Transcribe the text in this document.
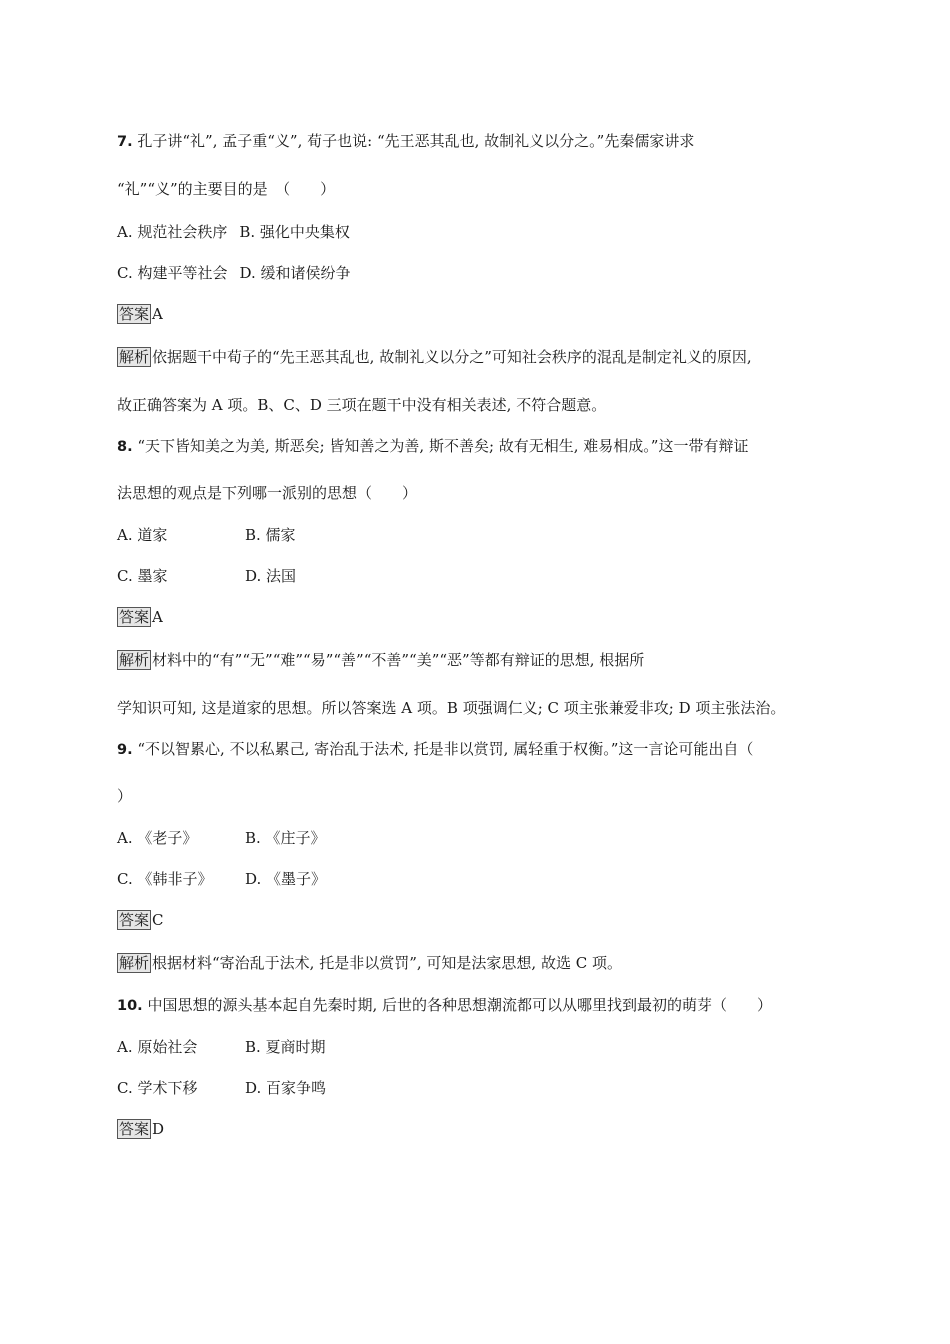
7. 孔子讲“礼”, 孟子重“义”, 荀子也说: “先王恶其乱也, 故制礼义以分之。”先秦儒家讲求
“礼”“义”的主要目的是　（　　）
A. 规范社会秩序 B. 强化中央集权
C. 构建平等社会 D. 缓和诸侯纷争
答案 A
解析 依据题干中荀子的“先王恶其乱也, 故制礼义以分之”可知社会秩序的混乱是制定礼义的原因,
故正确答案为 A 项。B、C、D 三项在题干中没有相关表述, 不符合题意。
8. “天下皆知美之为美, 斯恶矣; 皆知善之为善, 斯不善矣; 故有无相生, 难易相成。”这一带有辩证
法思想的观点是下列哪一派别的思想（　　）
A. 道家	B. 儒家
C. 墨家	D. 法国
答案 A
解析 材料中的“有”“无”“难”“易”“善”“不善”“美”“恶”等都有辩证的思想, 根据所
学知识可知, 这是道家的思想。所以答案选 A 项。B 项强调仁义; C 项主张兼爱非攻; D 项主张法治。
9. “不以智累心, 不以私累己, 寄治乱于法术, 托是非以赏罚, 属轻重于权衡。”这一言论可能出自（
）
A. 《老子》	B. 《庄子》
C. 《韩非子》 D. 《墨子》
答案 C
解析 根据材料“寄治乱于法术, 托是非以赏罚”, 可知是法家思想, 故选 C 项。
10. 中国思想的源头基本起自先秦时期, 后世的各种思想潮流都可以从哪里找到最初的萌芽（　　）
A. 原始社会	B. 夏商时期
C. 学术下移	D. 百家争鸣
答案 D
